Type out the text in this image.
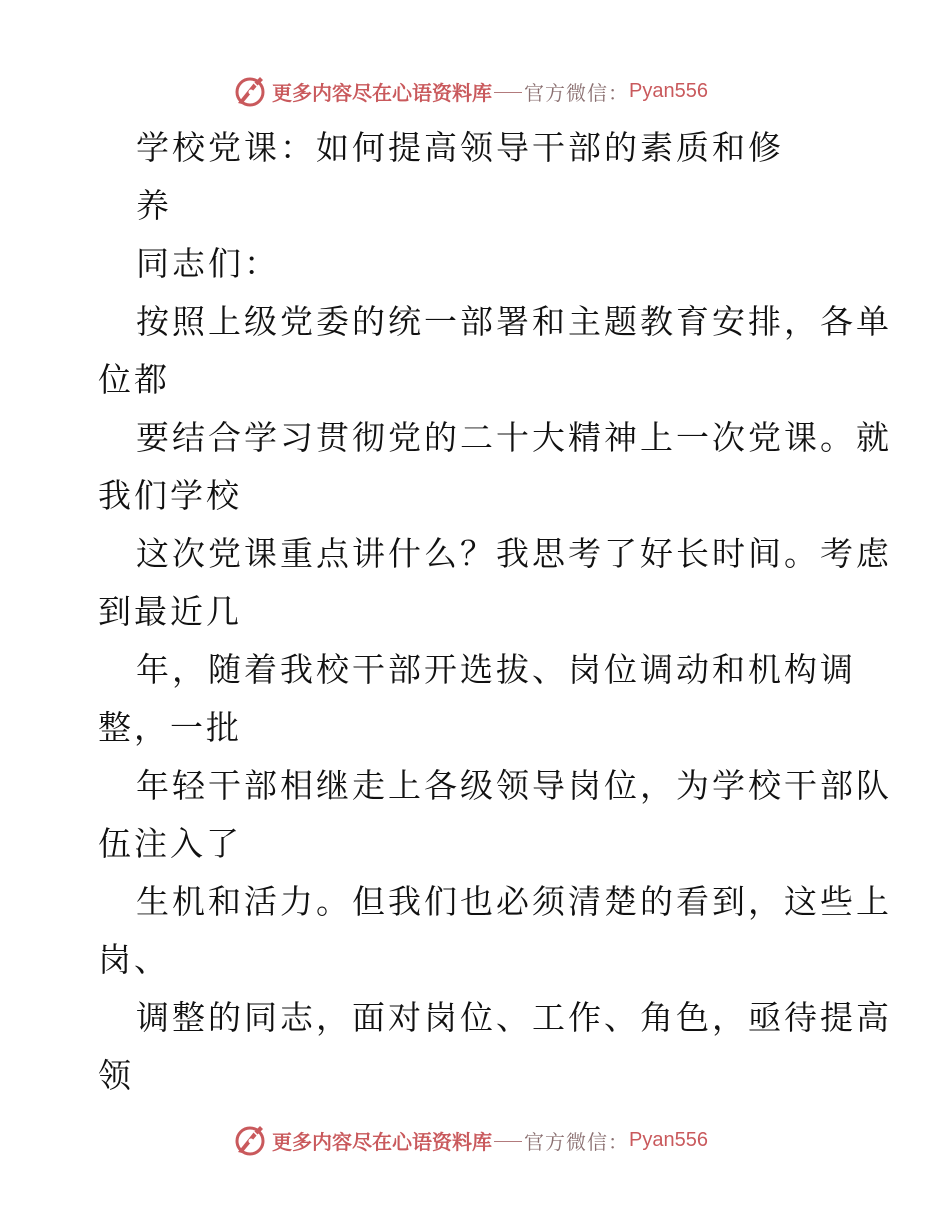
更多内容尽在心语资料库 官方微信： Pyan556
学校党课：如何提高领导干部的素质和修
养
同志们：
按照上级党委的统一部署和主题教育安排，各单
位都
要结合学习贯彻党的二十大精神上一次党课。就
我们学校
这次党课重点讲什么？我思考了好长时间。考虑
到最近几
年，随着我校干部开选拔、岗位调动和机构调
整，一批
年轻干部相继走上各级领导岗位，为学校干部队
伍注入了
生机和活力。但我们也必须清楚的看到，这些上
岗、
调整的同志，面对岗位、工作、角色，亟待提高
领
更多内容尽在心语资料库 官方微信： Pyan556
